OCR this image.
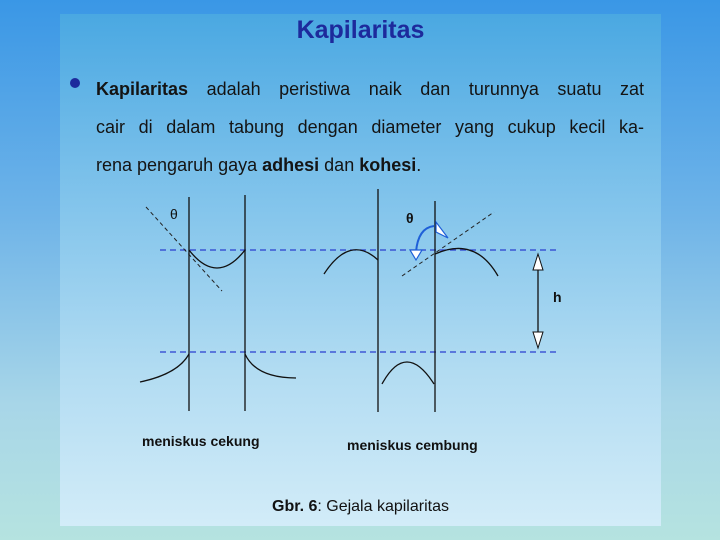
Kapilaritas
Kapilaritas adalah peristiwa naik dan turunnya suatu zat
cair di dalam tabung dengan diameter yang cukup kecil ka-
rena pengaruh gaya adhesi dan kohesi.
θ	θ
h
meniskus cekung	meniskus cembung
Gbr. 6: Gejala kapilaritas
